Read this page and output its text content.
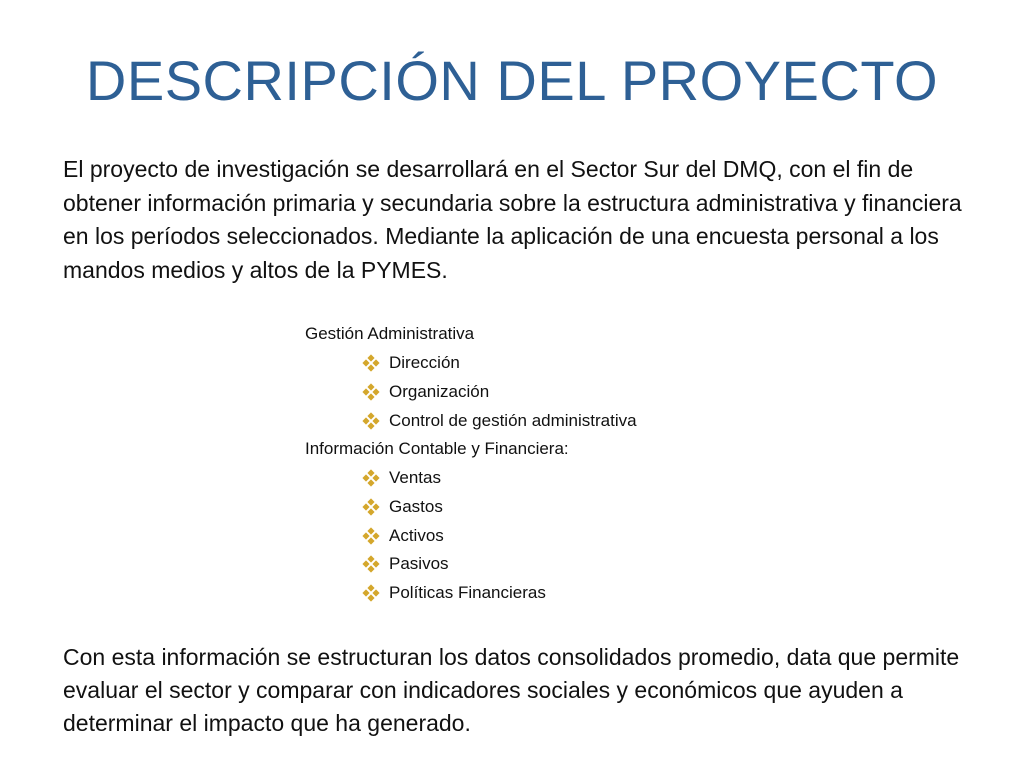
DESCRIPCIÓN DEL PROYECTO

El proyecto de investigación se desarrollará en el Sector Sur del DMQ, con el fin de obtener información primaria y secundaria sobre la estructura administrativa y financiera en los períodos seleccionados. Mediante la aplicación de una encuesta personal a los mandos medios y altos de la PYMES.

Gestión Administrativa
Dirección
Organización
Control de gestión administrativa
Información Contable y Financiera:
Ventas
Gastos
Activos
Pasivos
Políticas Financieras

Con esta información se estructuran los datos consolidados promedio, data que permite evaluar el sector y comparar con indicadores sociales y económicos que ayuden a determinar el impacto que ha generado.
